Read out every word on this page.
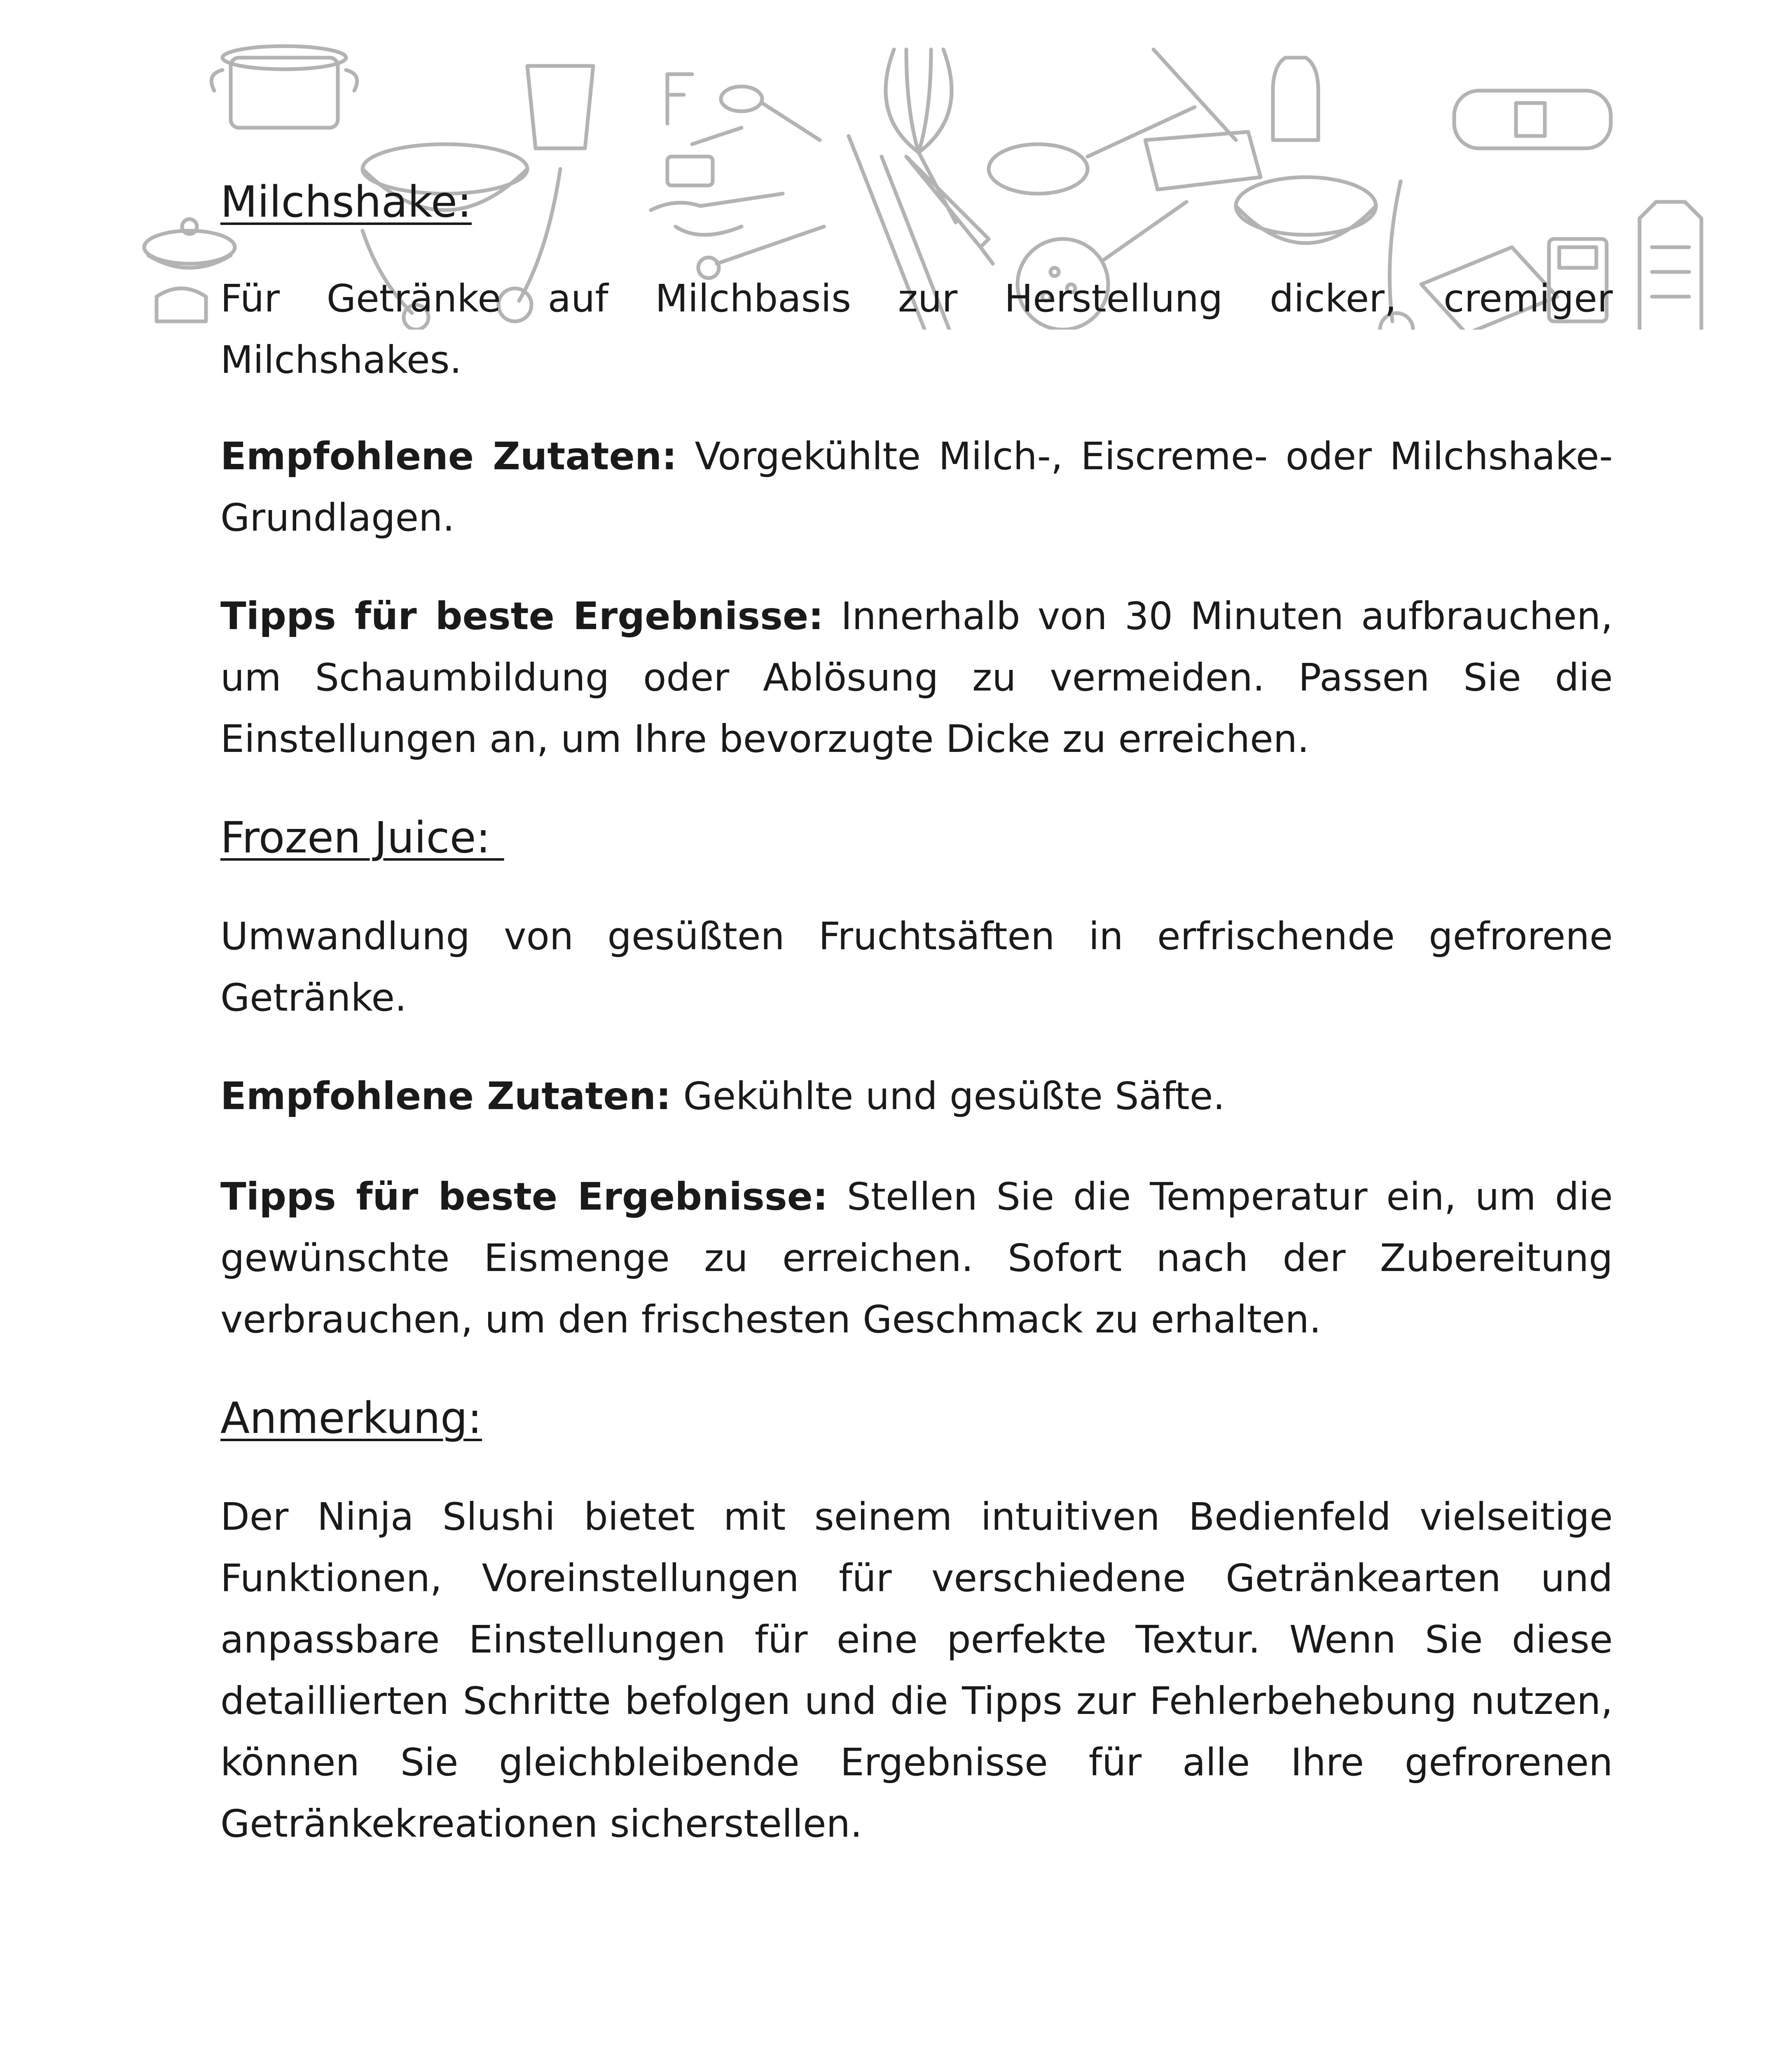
Milchshake:

Für Getränke auf Milchbasis zur Herstellung dicker, cremiger Milchshakes.

Empfohlene Zutaten: Vorgekühlte Milch-, Eiscreme- oder Milchshake-Grundlagen.

Tipps für beste Ergebnisse: Innerhalb von 30 Minuten aufbrauchen, um Schaumbildung oder Ablösung zu vermeiden. Passen Sie die Einstellungen an, um Ihre bevorzugte Dicke zu erreichen.

Frozen Juice:

Umwandlung von gesüßten Fruchtsäften in erfrischende gefrorene Getränke.

Empfohlene Zutaten: Gekühlte und gesüßte Säfte.

Tipps für beste Ergebnisse: Stellen Sie die Temperatur ein, um die gewünschte Eismenge zu erreichen. Sofort nach der Zubereitung verbrauchen, um den frischesten Geschmack zu erhalten.

Anmerkung:

Der Ninja Slushi bietet mit seinem intuitiven Bedienfeld vielseitige Funktionen, Voreinstellungen für verschiedene Getränkearten und anpassbare Einstellungen für eine perfekte Textur. Wenn Sie diese detaillierten Schritte befolgen und die Tipps zur Fehlerbehebung nutzen, können Sie gleichbleibende Ergebnisse für alle Ihre gefrorenen Getränkekreationen sicherstellen.
